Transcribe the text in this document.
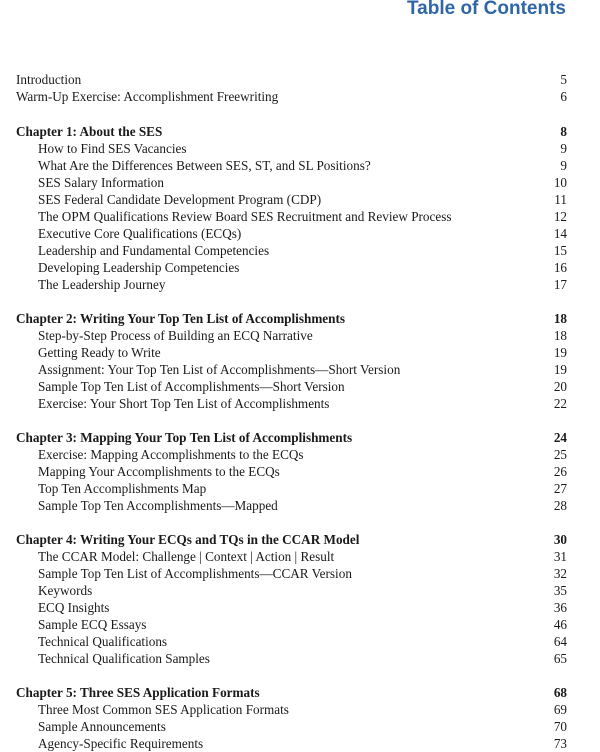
Table of Contents
Introduction	5
Warm-Up Exercise: Accomplishment Freewriting	6
Chapter 1: About the SES	8
How to Find SES Vacancies	9
What Are the Differences Between SES, ST, and SL Positions?	9
SES Salary Information	10
SES Federal Candidate Development Program (CDP)	11
The OPM Qualifications Review Board SES Recruitment and Review Process	12
Executive Core Qualifications (ECQs)	14
Leadership and Fundamental Competencies	15
Developing Leadership Competencies	16
The Leadership Journey	17
Chapter 2: Writing Your Top Ten List of Accomplishments	18
Step-by-Step Process of Building an ECQ Narrative	18
Getting Ready to Write	19
Assignment: Your Top Ten List of Accomplishments—Short Version	19
Sample Top Ten List of Accomplishments—Short Version	20
Exercise: Your Short Top Ten List of Accomplishments	22
Chapter 3: Mapping Your Top Ten List of Accomplishments	24
Exercise: Mapping Accomplishments to the ECQs	25
Mapping Your Accomplishments to the ECQs	26
Top Ten Accomplishments Map	27
Sample Top Ten Accomplishments—Mapped	28
Chapter 4: Writing Your ECQs and TQs in the CCAR Model	30
The CCAR Model: Challenge | Context | Action | Result	31
Sample Top Ten List of Accomplishments—CCAR Version	32
Keywords	35
ECQ Insights	36
Sample ECQ Essays	46
Technical Qualifications	64
Technical Qualification Samples	65
Chapter 5: Three SES Application Formats	68
Three Most Common SES Application Formats	69
Sample Announcements	70
Agency-Specific Requirements	73
